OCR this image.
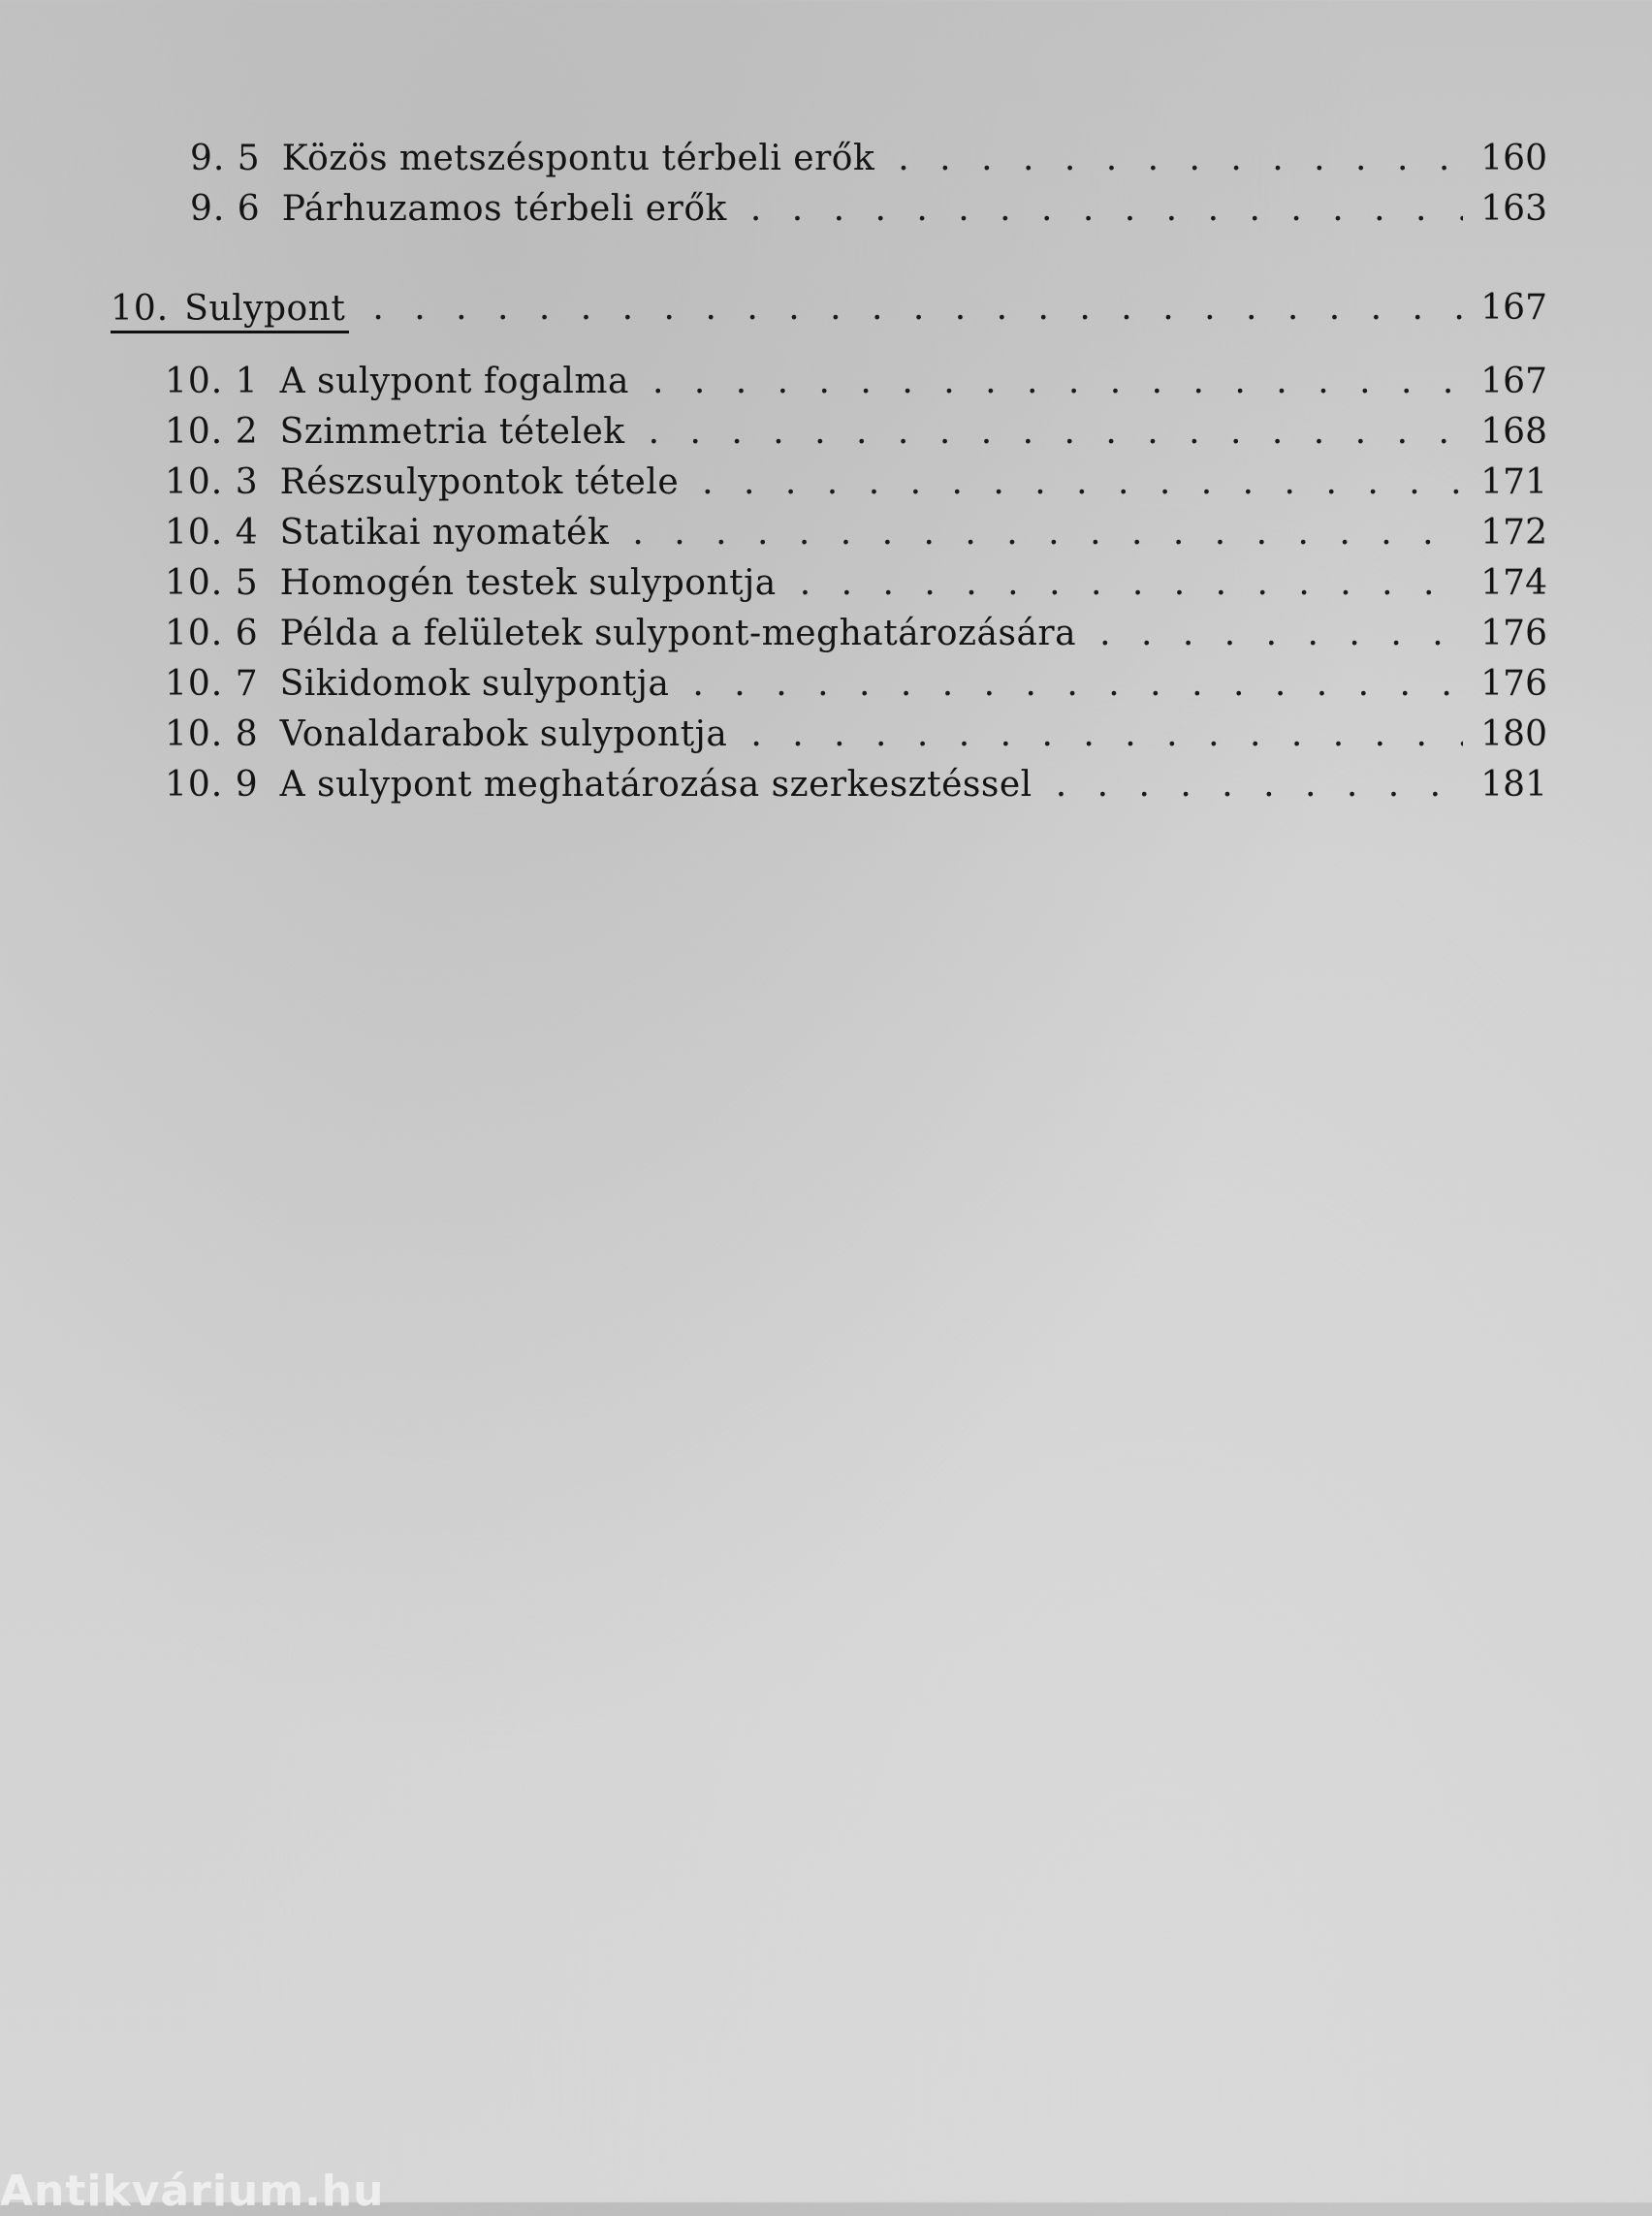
9. 5 Közös metszéspontu térbeli erők . . .	160
9. 6 Párhuzamos térbeli erők . . .	163
10. Sulypont . . .	167
10. 1 A sulypont fogalma . . .	167
10. 2 Szimmetria tételek . . .	168
10. 3 Részsulypontok tétele . . .	171
10. 4 Statikai nyomaték . . .	172
10. 5 Homogén testek sulypontja . . .	174
10. 6 Példa a felületek sulypont-meghatározására . . .	176
10. 7 Sikidomok sulypontja . . .	176
10. 8 Vonaldarabok sulypontja . . .	180
10. 9 A sulypont meghatározása szerkesztéssel . . .	181
Antikvárium.hu
